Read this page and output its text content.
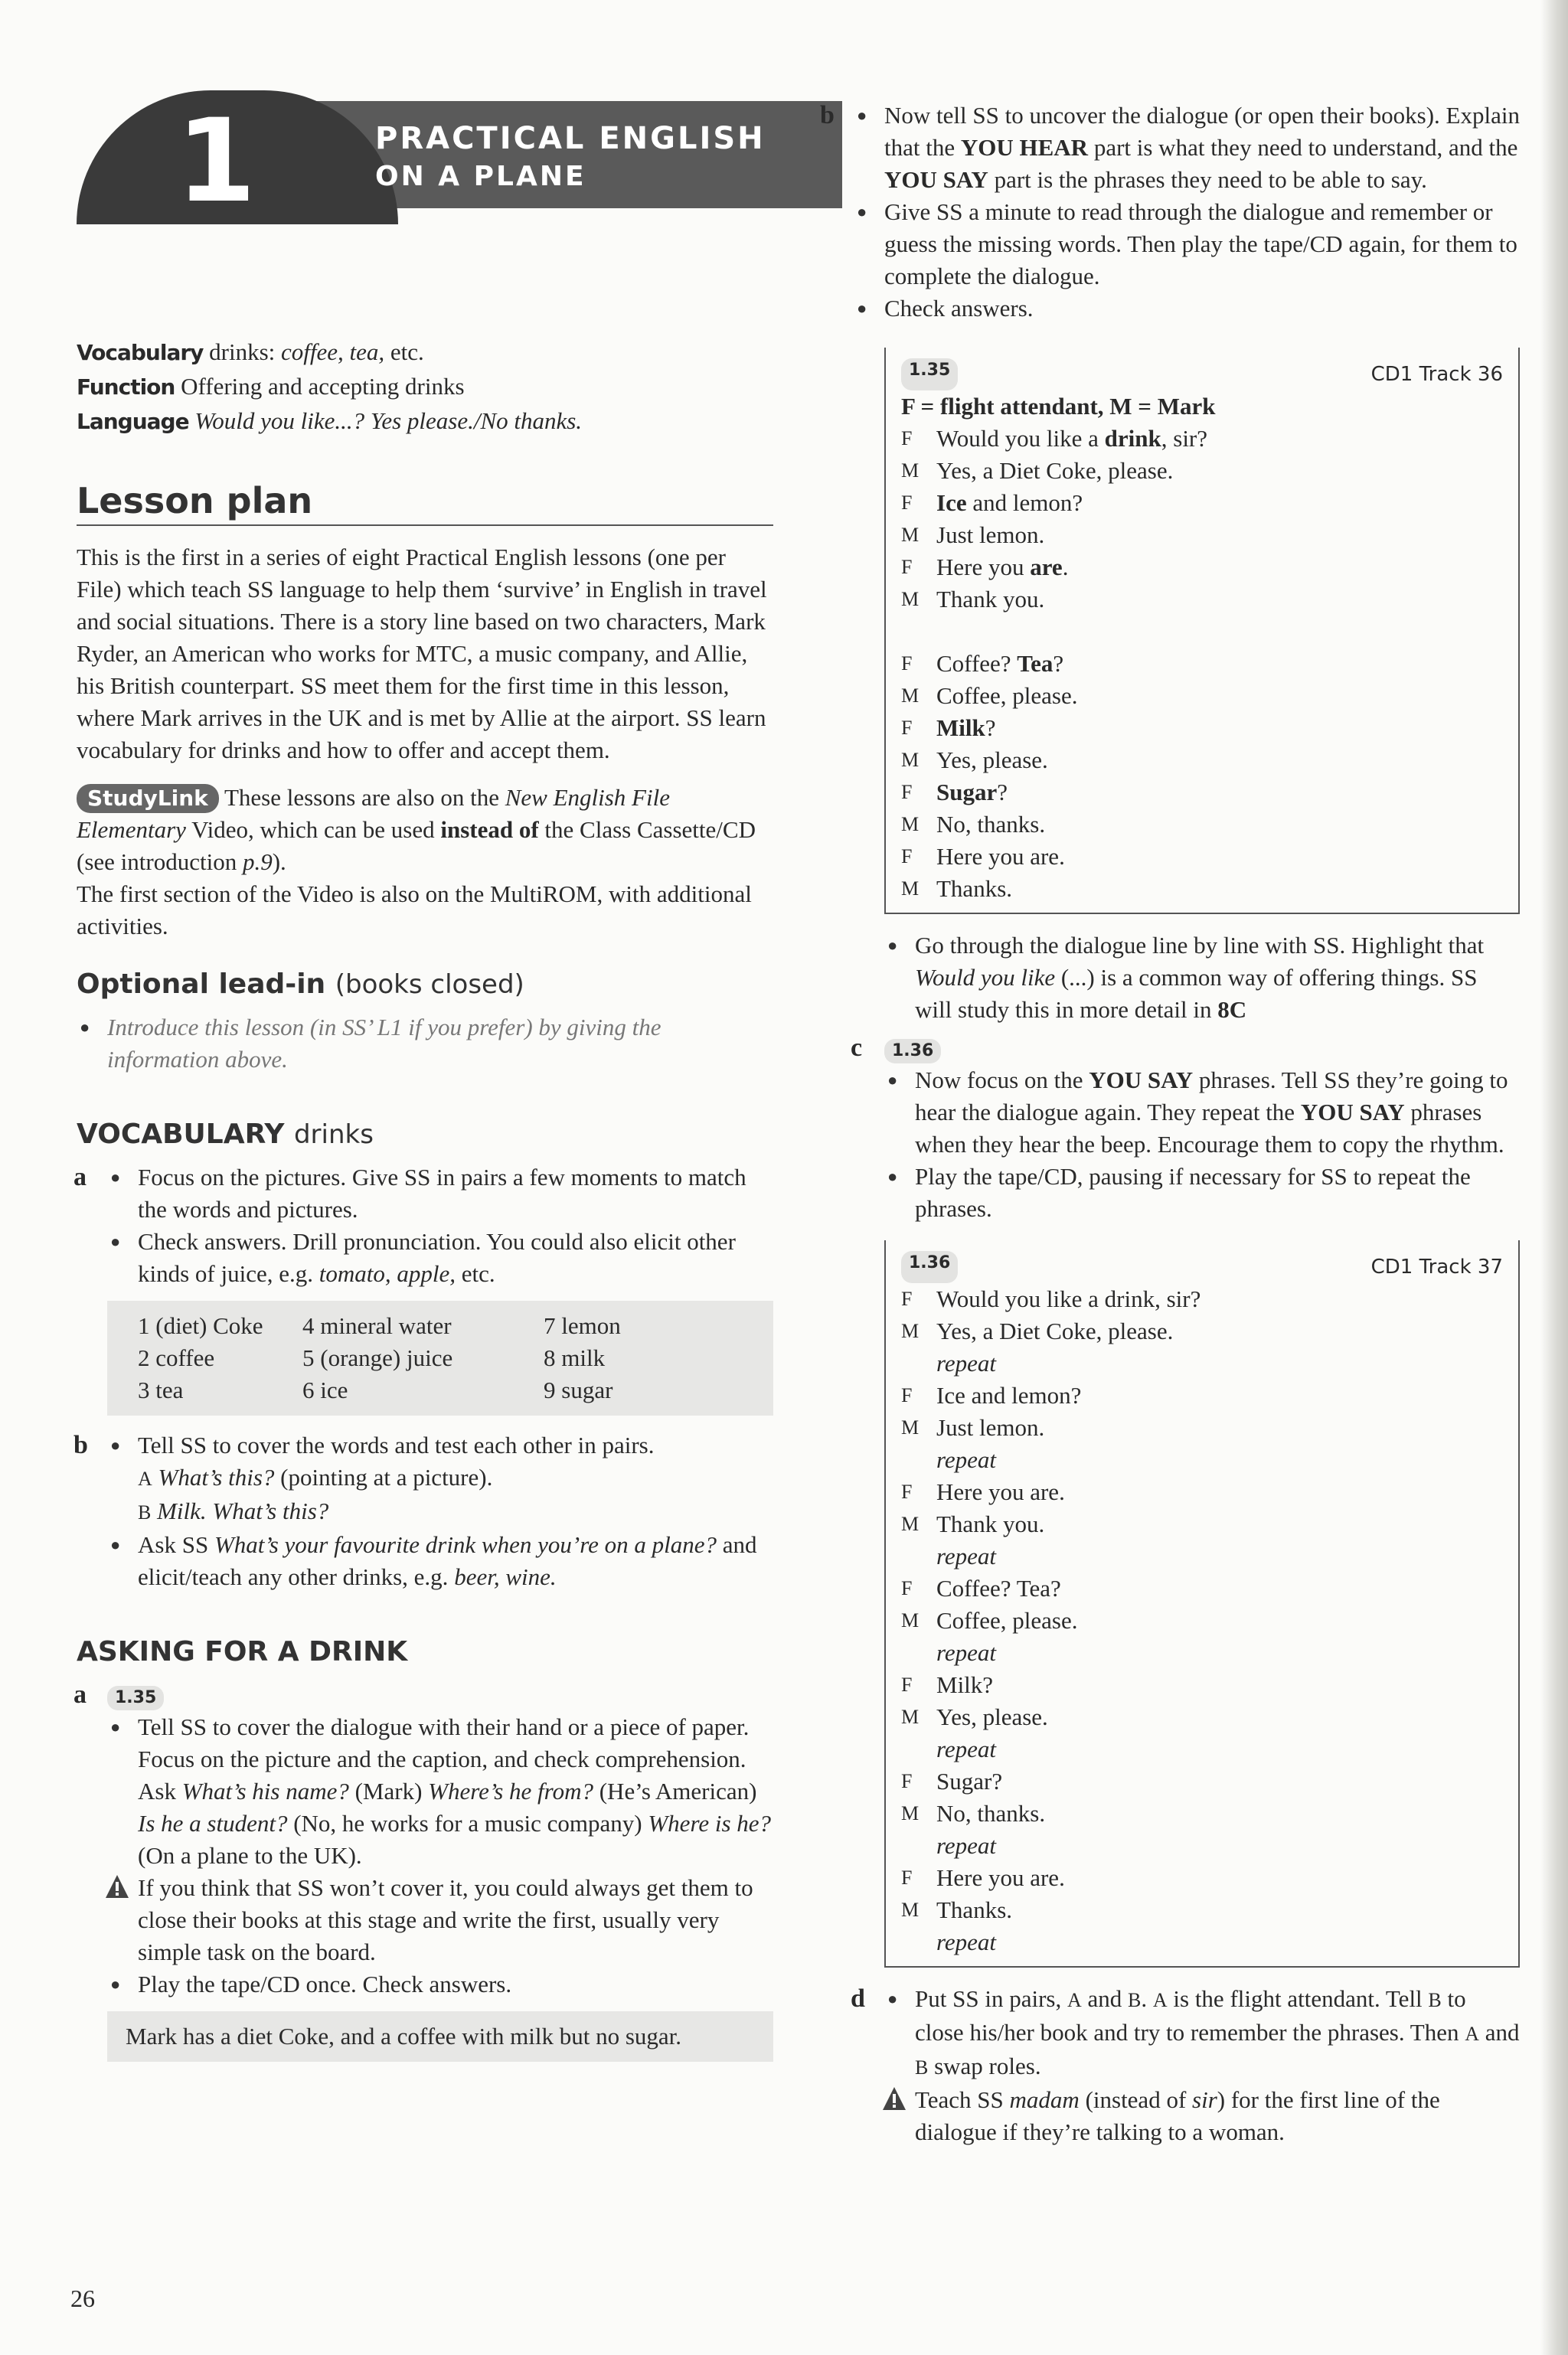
1	PRACTICAL ENGLISH
ON A PLANE

Vocabulary drinks: coffee, tea, etc.

Function Offering and accepting drinks

Language Would you like...? Yes please./No thanks.

Lesson plan

This is the first in a series of eight Practical English lessons (one per File) which teach SS language to help them ‘survive’ in English in travel and social situations. There is a story line based on two characters, Mark Ryder, an American who works for MTC, a music company, and Allie, his British counterpart. SS meet them for the first time in this lesson, where Mark arrives in the UK and is met by Allie at the airport. SS learn vocabulary for drinks and how to offer and accept them.

StudyLink These lessons are also on the New English File Elementary Video, which can be used instead of the Class Cassette/CD (see introduction p.9).

The first section of the Video is also on the MultiROM, with additional activities.

Optional lead-in (books closed)

● Introduce this lesson (in SS’ L1 if you prefer) by giving the information above.

VOCABULARY drinks
a	● Focus on the pictures. Give SS in pairs a few moments to match the words and pictures.

● Check answers. Drill pronunciation. You could also elicit other kinds of juice, e.g. tomato, apple, etc.

1 (diet) Coke	4 mineral water	7 lemon
2 coffee	5 (orange) juice	8 milk
3 tea	6 ice	9 sugar
b	● Tell SS to cover the words and test each other in pairs.

A What’s this? (pointing at a picture).

B Milk. What’s this?

● Ask SS What’s your favourite drink when you’re on a plane? and elicit/teach any other drinks, e.g. beer, wine.

ASKING FOR A DRINK
a	1.35

● Tell SS to cover the dialogue with their hand or a piece of paper. Focus on the picture and the caption, and check comprehension. Ask What’s his name? (Mark) Where’s he from? (He’s American) Is he a student? (No, he works for a music company) Where is he? (On a plane to the UK).

If you think that SS won’t cover it, you could always get them to close their books at this stage and write the first, usually very simple task on the board.

● Play the tape/CD once. Check answers.

Mark has a diet Coke, and a coffee with milk but no sugar.
b	● Now tell SS to uncover the dialogue (or open their books). Explain that the YOU HEAR part is what they need to understand, and the YOU SAY part is the phrases they need to be able to say.

● Give SS a minute to read through the dialogue and remember or guess the missing words. Then play the tape/CD again, for them to complete the dialogue.

● Check answers.

1.35	CD1 Track 36

F = flight attendant, M = Mark

F	Would you like a drink, sir?
M Yes, a Diet Coke, please.
F	Ice and lemon?
M Just lemon.
F	Here you are.
M Thank you.
F	Coffee? Tea?
M Coffee, please.
F	Milk?
M Yes, please.
F	Sugar?
M No, thanks.
F	Here you are.
M Thanks.

● Go through the dialogue line by line with SS. Highlight that Would you like (...) is a common way of offering things. SS will study this in more detail in 8C

c	1.36

● Now focus on the YOU SAY phrases. Tell SS they’re going to hear the dialogue again. They repeat the YOU SAY phrases when they hear the beep. Encourage them to copy the rhythm.

● Play the tape/CD, pausing if necessary for SS to repeat the phrases.

1.36	CD1 Track 37
F	Would you like a drink, sir?
M Yes, a Diet Coke, please.
repeat
F	Ice and lemon?
M Just lemon.
repeat
F	Here you are.
M Thank you.
repeat
F	Coffee? Tea?
M Coffee, please.
repeat
F	Milk?
M Yes, please.
repeat
F	Sugar?
M No, thanks.
repeat
F	Here you are.
M Thanks.
repeat
d	● Put SS in pairs, A and B. A is the flight attendant. Tell B to close his/her book and try to remember the phrases. Then A and B swap roles.

Teach SS madam (instead of sir) for the first line of the dialogue if they’re talking to a woman.

26
